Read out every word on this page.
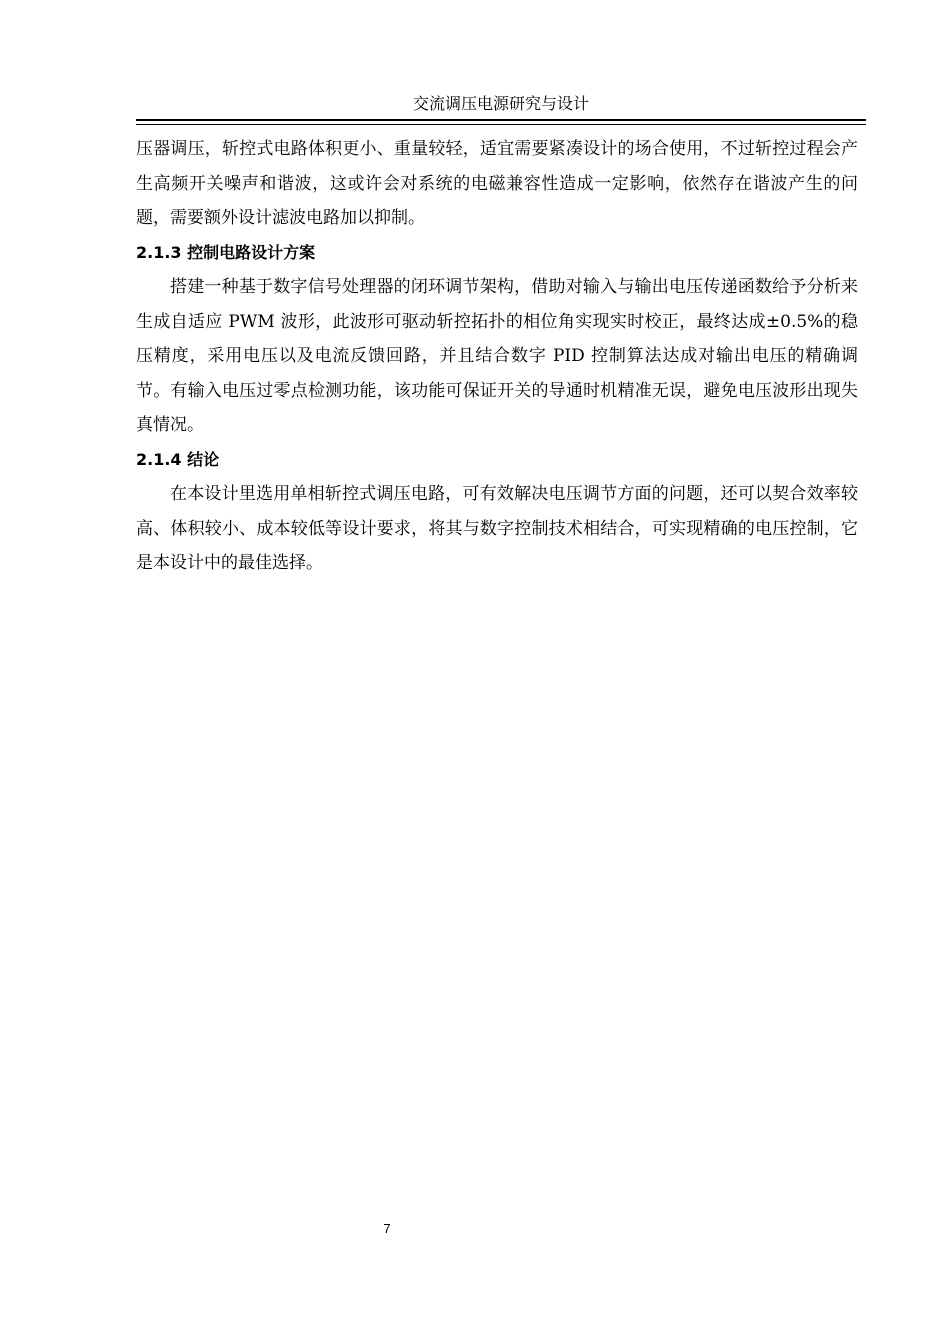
交流调压电源研究与设计

压器调压，斩控式电路体积更小、重量较轻，适宜需要紧凑设计的场合使用，不过斩控过程会产生高频开关噪声和谐波，这或许会对系统的电磁兼容性造成一定影响，依然存在谐波产生的问题，需要额外设计滤波电路加以抑制。

2.1.3 控制电路设计方案

搭建一种基于数字信号处理器的闭环调节架构，借助对输入与输出电压传递函数给予分析来生成自适应 PWM 波形，此波形可驱动斩控拓扑的相位角实现实时校正，最终达成±0.5%的稳压精度，采用电压以及电流反馈回路，并且结合数字 PID 控制算法达成对输出电压的精确调节。有输入电压过零点检测功能，该功能可保证开关的导通时机精准无误，避免电压波形出现失真情况。

2.1.4 结论

在本设计里选用单相斩控式调压电路，可有效解决电压调节方面的问题，还可以契合效率较高、体积较小、成本较低等设计要求，将其与数字控制技术相结合，可实现精确的电压控制，它是本设计中的最佳选择。

7
